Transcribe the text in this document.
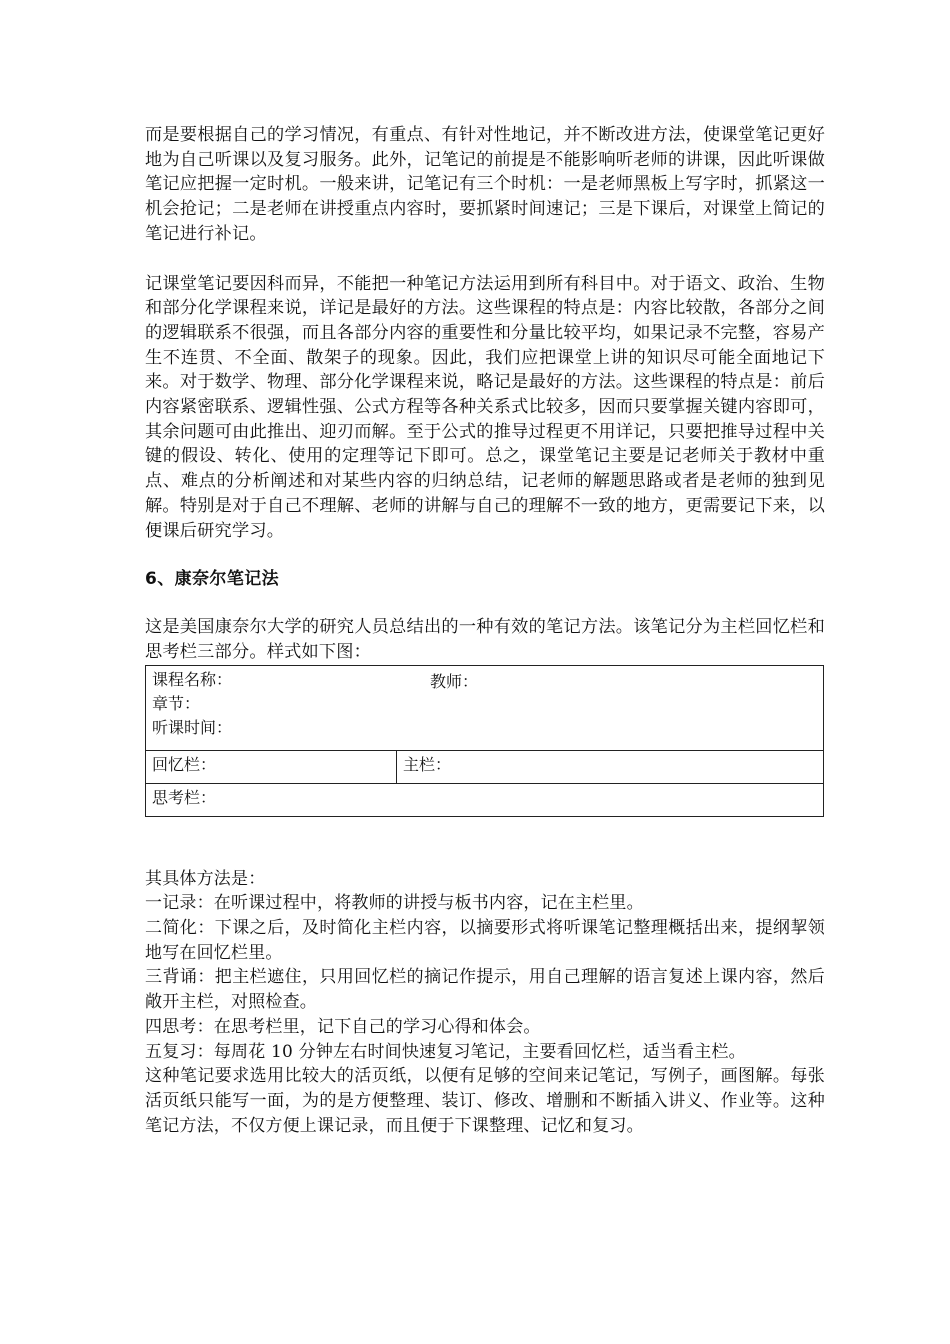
而是要根据自己的学习情况，有重点、有针对性地记，并不断改进方法，使课堂笔记更好地为自己听课以及复习服务。此外，记笔记的前提是不能影响听老师的讲课，因此听课做笔记应把握一定时机。一般来讲，记笔记有三个时机：一是老师黑板上写字时，抓紧这一机会抢记；二是老师在讲授重点内容时，要抓紧时间速记；三是下课后，对课堂上简记的笔记进行补记。

记课堂笔记要因科而异，不能把一种笔记方法运用到所有科目中。对于语文、政治、生物和部分化学课程来说，详记是最好的方法。这些课程的特点是：内容比较散，各部分之间的逻辑联系不很强，而且各部分内容的重要性和分量比较平均，如果记录不完整，容易产生不连贯、不全面、散架子的现象。因此，我们应把课堂上讲的知识尽可能全面地记下来。对于数学、物理、部分化学课程来说，略记是最好的方法。这些课程的特点是：前后内容紧密联系、逻辑性强、公式方程等各种关系式比较多，因而只要掌握关键内容即可，其余问题可由此推出、迎刃而解。至于公式的推导过程更不用详记，只要把推导过程中关键的假设、转化、使用的定理等记下即可。总之，课堂笔记主要是记老师关于教材中重点、难点的分析阐述和对某些内容的归纳总结，记老师的解题思路或者是老师的独到见解。特别是对于自己不理解、老师的讲解与自己的理解不一致的地方，更需要记下来，以便课后研究学习。

6、康奈尔笔记法

这是美国康奈尔大学的研究人员总结出的一种有效的笔记方法。该笔记分为主栏回忆栏和思考栏三部分。样式如下图：

课程名称：	教师：
章节：
听课时间：

回忆栏：	主栏：
思考栏：
其具体方法是：
一记录：在听课过程中，将教师的讲授与板书内容，记在主栏里。
二简化：下课之后，及时简化主栏内容，以摘要形式将听课笔记整理概括出来，提纲挈领地写在回忆栏里。
三背诵：把主栏遮住，只用回忆栏的摘记作提示，用自己理解的语言复述上课内容，然后敞开主栏，对照检查。
四思考：在思考栏里，记下自己的学习心得和体会。
五复习：每周花 10 分钟左右时间快速复习笔记，主要看回忆栏，适当看主栏。
这种笔记要求选用比较大的活页纸，以便有足够的空间来记笔记，写例子，画图解。每张活页纸只能写一面，为的是方便整理、装订、修改、增删和不断插入讲义、作业等。这种笔记方法，不仅方便上课记录，而且便于下课整理、记忆和复习。
